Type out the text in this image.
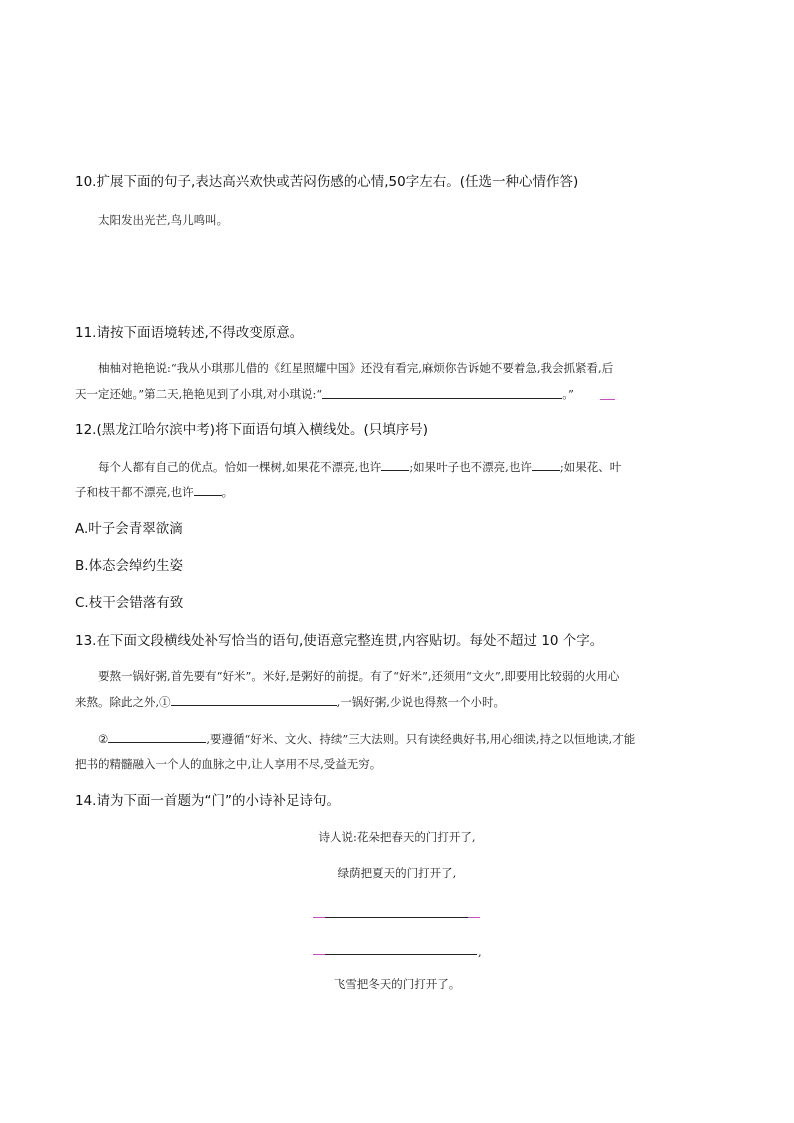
10.扩展下面的句子,表达高兴欢快或苦闷伤感的心情,50字左右。(任选一种心情作答)
太阳发出光芒,鸟儿鸣叫。
11.请按下面语境转述,不得改变原意。
柚柚对艳艳说:“我从小琪那儿借的《红星照耀中国》还没有看完,麻烦你告诉她不要着急,我会抓紧看,后
天一定还她。”第二天,艳艳见到了小琪,对小琪说:“	。”
12.(黑龙江哈尔滨中考)将下面语句填入横线处。(只填序号)
每个人都有自己的优点。恰如一棵树,如果花不漂亮,也许 ;如果叶子也不漂亮,也许 ;如果花、叶
子和枝干都不漂亮,也许 。
A.叶子会青翠欲滴
B.体态会绰约生姿
C.枝干会错落有致
13.在下面文段横线处补写恰当的语句,使语意完整连贯,内容贴切。每处不超过 10 个字。
要熬一锅好粥,首先要有“好米”。米好,是粥好的前提。有了“好米”,还须用“文火”,即要用比较弱的火用心
来熬。除此之外,①	,一锅好粥,少说也得熬一个小时。
②	,要遵循“好米、文火、持续”三大法则。只有读经典好书,用心细读,持之以恒地读,才能
把书的精髓融入一个人的血脉之中,让人享用不尽,受益无穷。
14.请为下面一首题为“门”的小诗补足诗句。
诗人说:花朵把春天的门打开了,
绿荫把夏天的门打开了,
,
飞雪把冬天的门打开了。
